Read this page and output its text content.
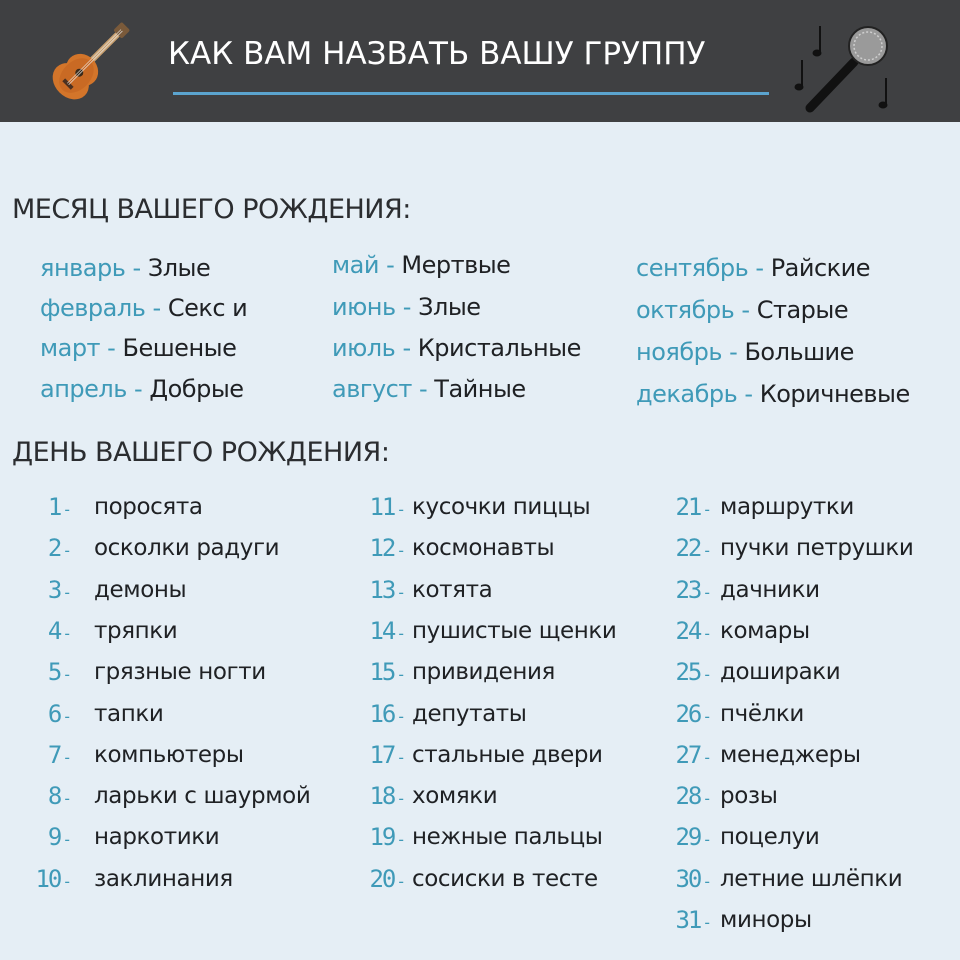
КАК ВАМ НАЗВАТЬ ВАШУ ГРУППУ
МЕСЯЦ ВАШЕГО РОЖДЕНИЯ:
январь - Злые
февраль - Секс и
март - Бешеные
апрель - Добрые
май - Мертвые
июнь - Злые
июль - Кристальные
август - Тайные
сентябрь - Райские
октябрь - Старые
ноябрь - Большие
декабрь - Коричневые
ДЕНЬ ВАШЕГО РОЖДЕНИЯ:
1 - поросята
2 - осколки радуги
3 - демоны
4 - тряпки
5 - грязные ногти
6 - тапки
7 - компьютеры
8 - ларьки с шаурмой
9 - наркотики
10 - заклинания
11 - кусочки пиццы
12 - космонавты
13 - котята
14 - пушистые щенки
15 - привидения
16 - депутаты
17 - стальные двери
18 - хомяки
19 - нежные пальцы
20 - сосиски в тесте
21 - маршрутки
22 - пучки петрушки
23 - дачники
24 - комары
25 - дошираки
26 - пчёлки
27 - менеджеры
28 - розы
29 - поцелуи
30 - летние шлёпки
31 - миноры
